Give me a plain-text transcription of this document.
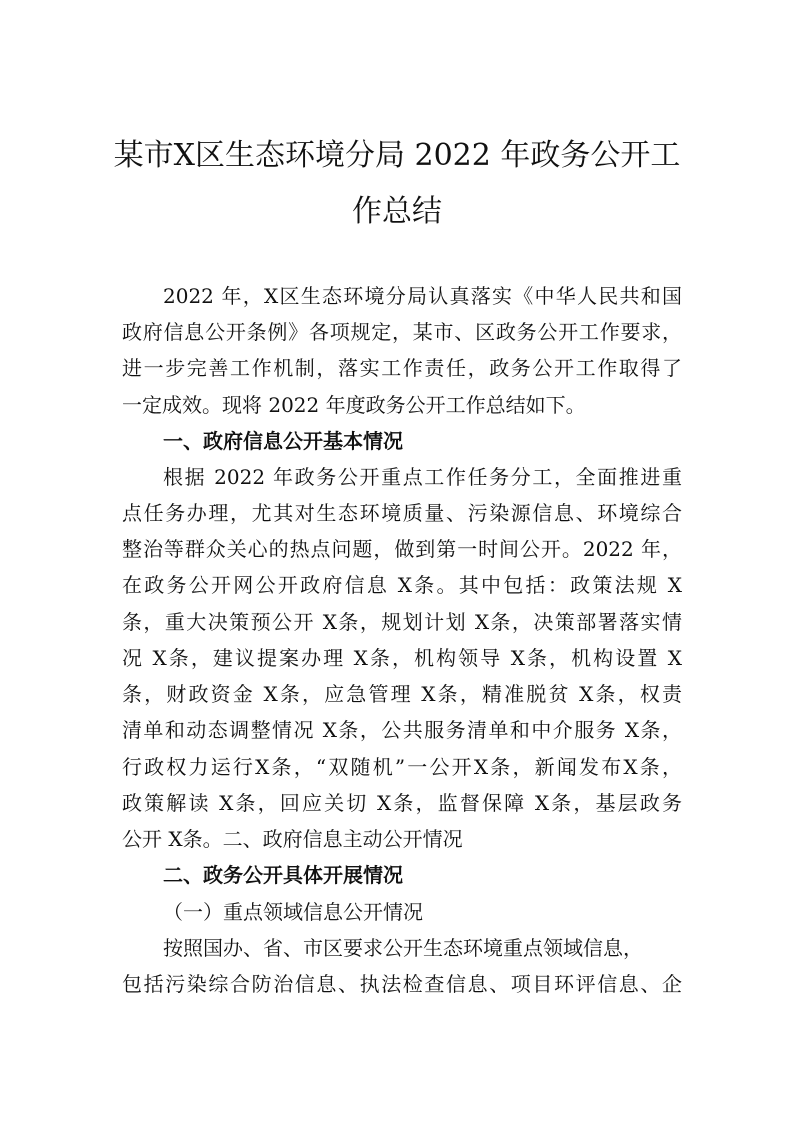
某市X区生态环境分局 2022 年政务公开工
作总结
2022 年，X区生态环境分局认真落实《中华人民共和国
政府信息公开条例》各项规定，某市、区政务公开工作要求，
进一步完善工作机制，落实工作责任，政务公开工作取得了
一定成效。现将 2022 年度政务公开工作总结如下。
一、政府信息公开基本情况
根据 2022 年政务公开重点工作任务分工，全面推进重
点任务办理，尤其对生态环境质量、污染源信息、环境综合
整治等群众关心的热点问题，做到第一时间公开。2022 年，
在政务公开网公开政府信息 X条。其中包括：政策法规 X
条，重大决策预公开 X条，规划计划 X条，决策部署落实情
况 X条，建议提案办理 X条，机构领导 X条，机构设置 X
条，财政资金 X条，应急管理 X条，精准脱贫 X条，权责
清单和动态调整情况 X条，公共服务清单和中介服务 X条，
行政权力运行X条，“双随机”一公开X条，新闻发布X条，
政策解读 X条，回应关切 X条，监督保障 X条，基层政务
公开 X条。二、政府信息主动公开情况
二、政务公开具体开展情况
（一）重点领域信息公开情况
按照国办、省、市区要求公开生态环境重点领域信息，
包括污染综合防治信息、执法检查信息、项目环评信息、企
